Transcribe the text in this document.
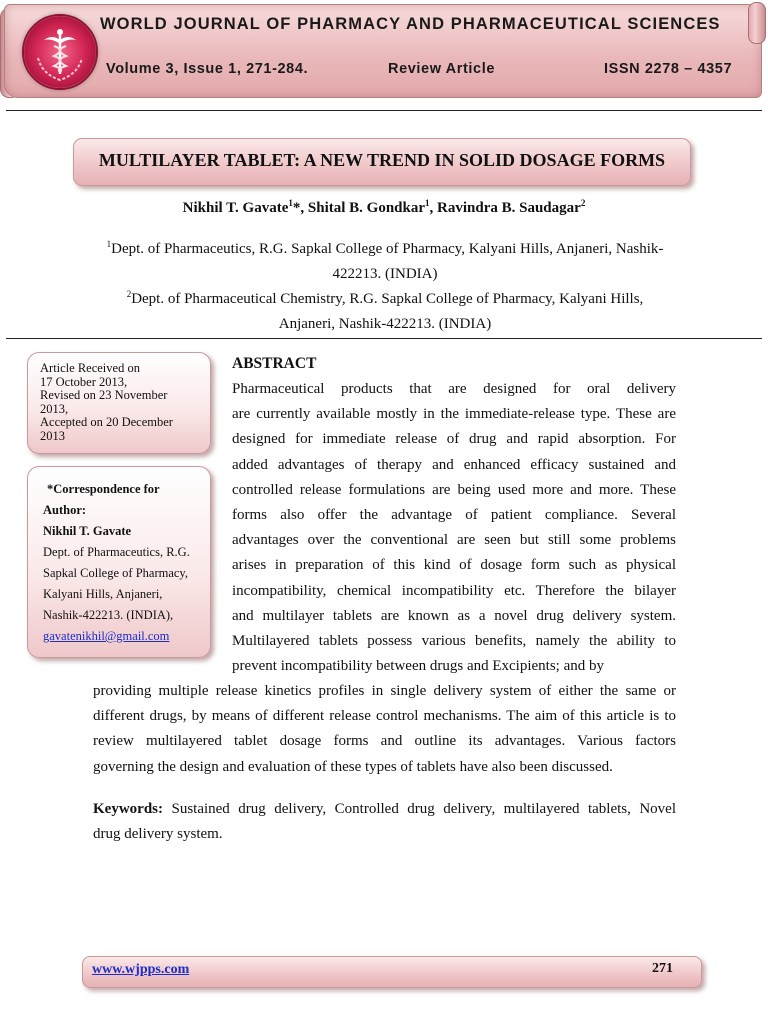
WORLD JOURNAL OF PHARMACY AND PHARMACEUTICAL SCIENCES
Volume 3, Issue 1, 271-284.	Review Article	ISSN 2278 – 4357
MULTILAYER TABLET: A NEW TREND IN SOLID DOSAGE FORMS
Nikhil T. Gavate$^1$*, Shital B. Gondkar$^1$, Ravindra B. Saudagar$^2$
$^1$Dept. of Pharmaceutics, R.G. Sapkal College of Pharmacy, Kalyani Hills, Anjaneri, Nashik-
422213. (INDIA)
$^2$Dept. of Pharmaceutical Chemistry, R.G. Sapkal College of Pharmacy, Kalyani Hills,
Anjaneri, Nashik-422213. (INDIA)
Article Received on
17 October 2013,
Revised on 23 November
2013,
Accepted on 20 December
2013
*Correspondence for
Author:
Nikhil T. Gavate
Dept. of Pharmaceutics, R.G.
Sapkal College of Pharmacy,
Kalyani Hills, Anjaneri,
Nashik-422213. (INDIA),
gavatenikhil@gmail.com
ABSTRACT
Pharmaceutical products that are designed for oral delivery
are currently available mostly in the immediate-release type. These are
designed for immediate release of drug and rapid absorption. For
added advantages of therapy and enhanced efficacy sustained and
controlled release formulations are being used more and more. These
forms also offer the advantage of patient compliance. Several
advantages over the conventional are seen but still some problems
arises in preparation of this kind of dosage form such as physical
incompatibility, chemical incompatibility etc. Therefore the bilayer
and multilayer tablets are known as a novel drug delivery system.
Multilayered tablets possess various benefits, namely the ability to
prevent incompatibility between drugs and Excipients; and by
providing multiple release kinetics profiles in single delivery system of either the same or
different drugs, by means of different release control mechanisms. The aim of this article is to
review multilayered tablet dosage forms and outline its advantages. Various factors
governing the design and evaluation of these types of tablets have also been discussed.
Keywords: Sustained drug delivery, Controlled drug delivery, multilayered tablets, Novel
drug delivery system.
www.wjpps.com	271
